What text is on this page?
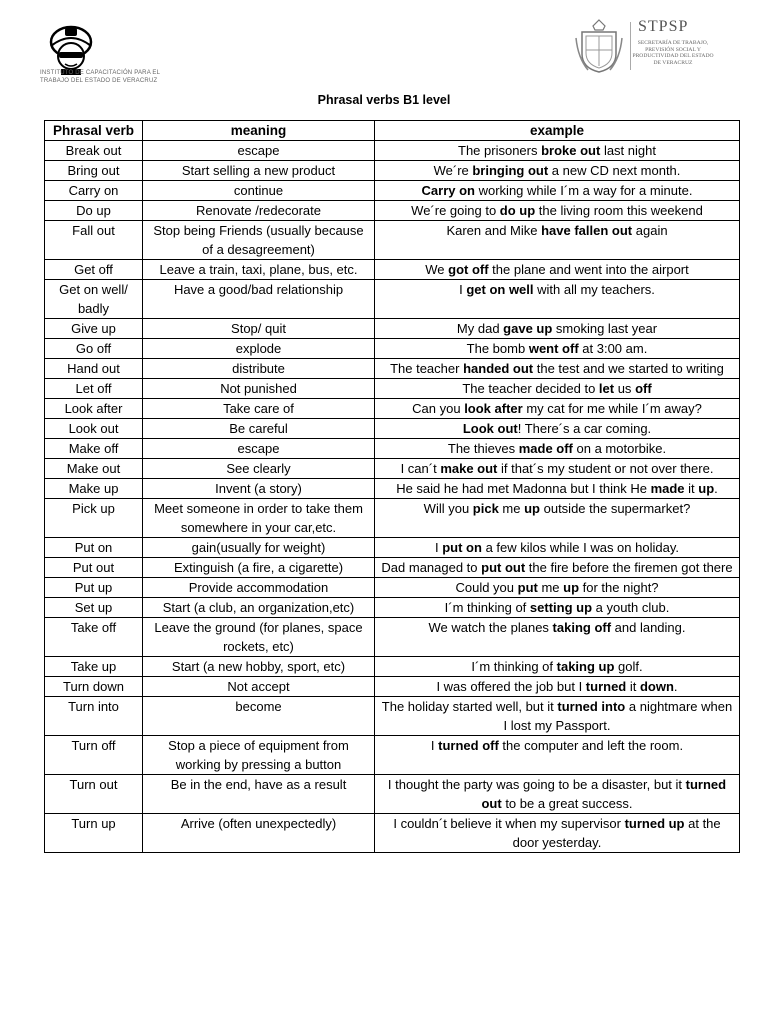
INSTITUTO DE CAPACITACIÓN PARA EL TRABAJO DEL ESTADO DE VERACRUZ
STPSP
SECRETARÍA DE TRABAJO, PREVISIÓN SOCIAL Y PRODUCTIVIDAD DEL ESTADO DE VERACRUZ
Phrasal verbs B1 level
Phrasal verb	meaning	example
Break out	escape	The prisoners broke out last night
Bring out	Start selling a new product	We´re bringing out a new CD next month.
Carry on	continue	Carry on working while I´m a way for a minute.
Do up	Renovate /redecorate	We´re going to do up the living room this weekend
Fall out	Stop being Friends (usually because of a desagreement)	Karen and Mike have fallen out again
Get off	Leave a train, taxi, plane, bus, etc.	We got off the plane and went into the airport
Get on well/ badly	Have a good/bad relationship	I get on well with all my teachers.
Give up	Stop/ quit	My dad gave up smoking last year
Go off	explode	The bomb went off at 3:00 am.
Hand out	distribute	The teacher handed out the test and we started to writing
Let off	Not punished	The teacher decided to let us off
Look after	Take care of	Can you look after my cat for me while I´m away?
Look out	Be careful	Look out! There´s a car coming.
Make off	escape	The thieves made off on a motorbike.
Make out	See clearly	I can´t make out if that´s my student or not over there.
Make up	Invent (a story)	He said he had met Madonna but I think He made it up.
Pick up	Meet someone in order to take them somewhere in your car,etc.	Will you pick me up outside the supermarket?
Put on	gain(usually for weight)	I put on a few kilos while I was on holiday.
Put out	Extinguish (a fire, a cigarette)	Dad managed to put out the fire before the firemen got there
Put up	Provide accommodation	Could you put me up for the night?
Set up	Start (a club, an organization,etc)	I´m thinking of setting up a youth club.
Take off	Leave the ground (for planes, space rockets, etc)	We watch the planes taking off and landing.
Take up	Start (a new hobby, sport, etc)	I´m thinking of taking up golf.
Turn down	Not accept	I was offered the job but I turned it down.
Turn into	become	The holiday started well, but it turned into a nightmare when I lost my Passport.
Turn off	Stop a piece of equipment from working by pressing a button	I turned off the computer and left the room.
Turn out	Be in the end, have as a result	I thought the party was going to be a disaster, but it turned out to be a great success.
Turn up	Arrive (often unexpectedly)	I couldn´t believe it when my supervisor turned up at the door yesterday.
